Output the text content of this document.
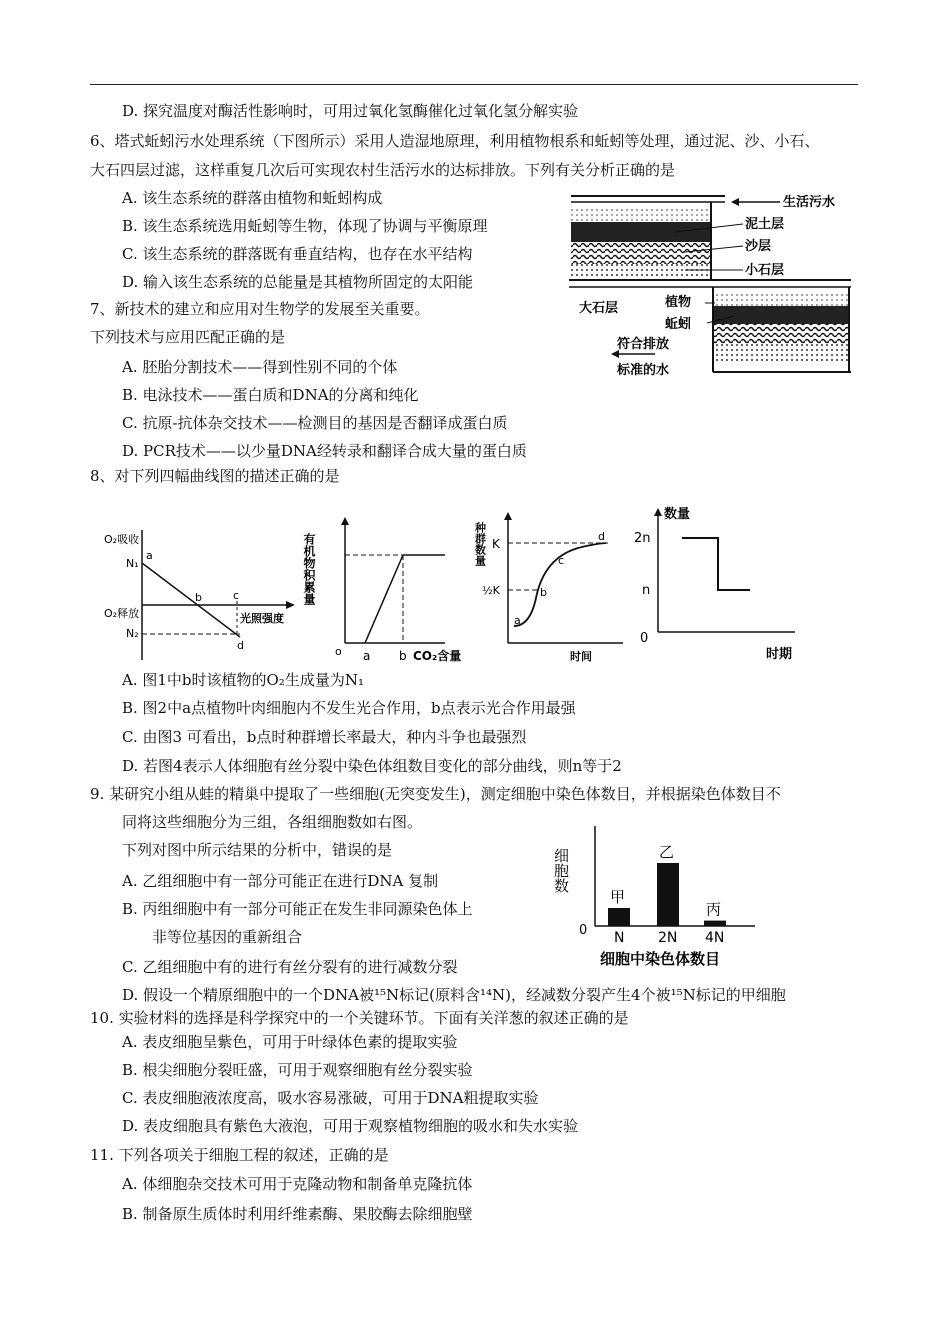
D. 探究温度对酶活性影响时，可用过氧化氢酶催化过氧化氢分解实验
6、塔式蚯蚓污水处理系统（下图所示）采用人造湿地原理，利用植物根系和蚯蚓等处理，通过泥、沙、小石、
大石四层过滤，这样重复几次后可实现农村生活污水的达标排放。下列有关分析正确的是
A. 该生态系统的群落由植物和蚯蚓构成
B. 该生态系统选用蚯蚓等生物，体现了协调与平衡原理
C. 该生态系统的群落既有垂直结构，也存在水平结构
D. 输入该生态系统的总能量是其植物所固定的太阳能
7、新技术的建立和应用对生物学的发展至关重要。
下列技术与应用匹配正确的是
A. 胚胎分割技术——得到性别不同的个体
B. 电泳技术——蛋白质和DNA的分离和纯化
C. 抗原-抗体杂交技术——检测目的基因是否翻译成蛋白质
D. PCR技术——以少量DNA经转录和翻译合成大量的蛋白质
8、对下列四幅曲线图的描述正确的是
A. 图1中b时该植物的O₂生成量为N₁
B. 图2中a点植物叶肉细胞内不发生光合作用，b点表示光合作用最强
C. 由图3 可看出，b点时种群增长率最大，种内斗争也最强烈
D. 若图4表示人体细胞有丝分裂中染色体组数目变化的部分曲线，则n等于2
9. 某研究小组从蛙的精巢中提取了一些细胞(无突变发生)，测定细胞中染色体数目，并根据染色体数目不
同将这些细胞分为三组，各组细胞数如右图。
下列对图中所示结果的分析中，错误的是
A. 乙组细胞中有一部分可能正在进行DNA 复制
B. 丙组细胞中有一部分可能正在发生非同源染色体上
非等位基因的重新组合
C. 乙组细胞中有的进行有丝分裂有的进行减数分裂
D. 假设一个精原细胞中的一个DNA被¹⁵N标记(原料含¹⁴N)，经减数分裂产生4个被¹⁵N标记的甲细胞
10. 实验材料的选择是科学探究中的一个关键环节。下面有关洋葱的叙述正确的是
A. 表皮细胞呈紫色，可用于叶绿体色素的提取实验
B. 根尖细胞分裂旺盛，可用于观察细胞有丝分裂实验
C. 表皮细胞液浓度高，吸水容易涨破，可用于DNA粗提取实验
D. 表皮细胞具有紫色大液泡，可用于观察植物细胞的吸水和失水实验
11. 下列各项关于细胞工程的叙述，正确的是
A. 体细胞杂交技术可用于克隆动物和制备单克隆抗体
B. 制备原生质体时利用纤维素酶、果胶酶去除细胞壁
生活污水
泥土层
沙层
小石层
大石层	植物
蚯蚓
符合排放
标准的水
O₂吸收
O₂释放
N₁
N₂
a
b	c
d
光照强度
有机物积累量
o a b CO₂含量
种群数量 K
½K
a
b
c
d
时间
数量
2n
n
0
时期
细胞数
0
甲
N
乙
2N
丙
4N
细胞中染色体数目
